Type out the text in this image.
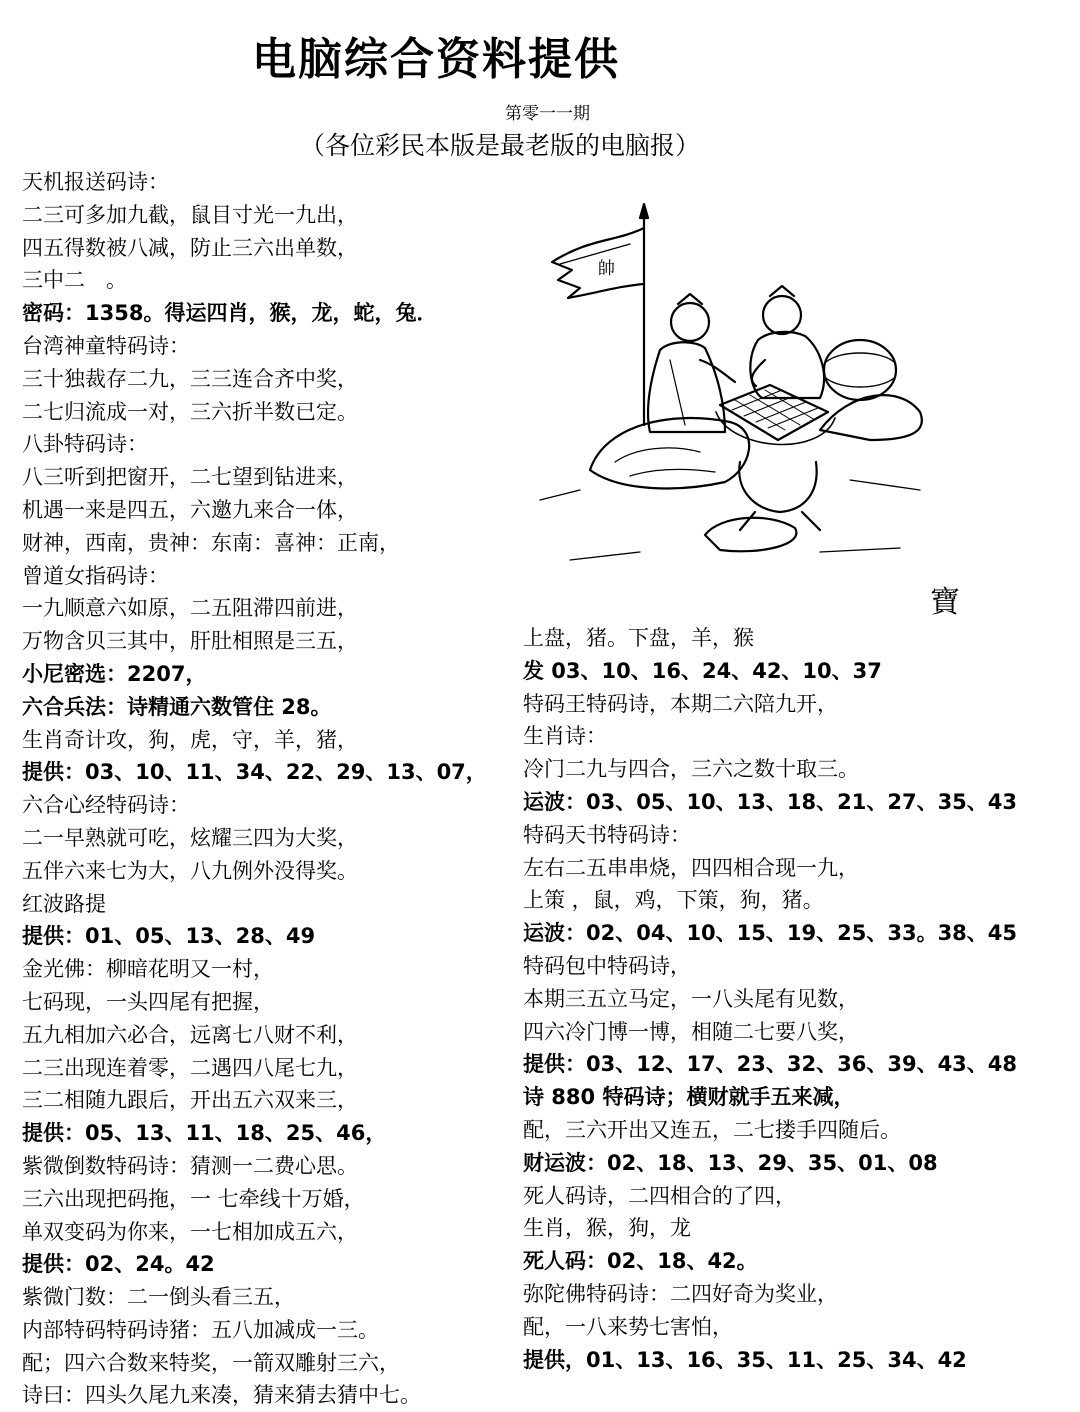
电脑综合资料提供
第零一一期
（各位彩民本版是最老版的电脑报）
帥
寶
天机报送码诗：
二三可多加九截，鼠目寸光一九出，
四五得数被八减，防止三六出单数，
三中二　。
密码：1358。得运四肖，猴，龙，蛇，兔．
台湾神童特码诗：
三十独裁存二九，三三连合齐中奖，
二七归流成一对，三六折半数已定。
八卦特码诗：
八三听到把窗开，二七望到钻进来，
机遇一来是四五，六邀九来合一体，
财神，西南，贵神：东南：喜神：正南，
曾道女指码诗：
一九顺意六如原，二五阻滞四前进，
万物含贝三其中，肝肚相照是三五，
小尼密选：2207，
六合兵法：诗精通六数管住 28。
生肖奇计攻，狗，虎，守，羊，猪，
提供：03、10、11、34、22、29、13、07，
六合心经特码诗：
二一早熟就可吃，炫耀三四为大奖，
五伴六来七为大，八九例外没得奖。
红波路提
提供：01、05、13、28、49
金光佛：柳暗花明又一村，
七码现，一头四尾有把握，
五九相加六必合，远离七八财不利，
二三出现连着零，二遇四八尾七九，
三二相随九跟后，开出五六双来三，
提供：05、13、11、18、25、46，
紫微倒数特码诗：猜测一二费心思。
三六出现把码拖，一 七牵线十万婚，
单双变码为你来，一七相加成五六，
提供：02、24。42
紫微门数：二一倒头看三五，
内部特码特码诗猪：五八加减成一三。
配；四六合数来特奖，一箭双雕射三六，
诗曰：四头久尾九来凑，猜来猜去猜中七。
上盘，猪。下盘，羊，猴
发 03、10、16、24、42、10、37
特码王特码诗，本期二六陪九开，
生肖诗：
冷门二九与四合，三六之数十取三。
运波：03、05、10、13、18、21、27、35、43
特码天书特码诗：
左右二五串串烧，四四相合现一九，
上策 ，鼠，鸡，下策，狗，猪。
运波：02、04、10、15、19、25、33。38、45
特码包中特码诗，
本期三五立马定，一八头尾有见数，
四六冷门博一博，相随二七要八奖，
提供：03、12、17、23、32、36、39、43、48
诗 880 特码诗；横财就手五来减，
配，三六开出又连五，二七搂手四随后。
财运波：02、18、13、29、35、01、08
死人码诗，二四相合的了四，
生肖，猴，狗，龙
死人码：02、18、42。
弥陀佛特码诗：二四好奇为奖业，
配，一八来势七害怕，
提供，01、13、16、35、11、25、34、42
